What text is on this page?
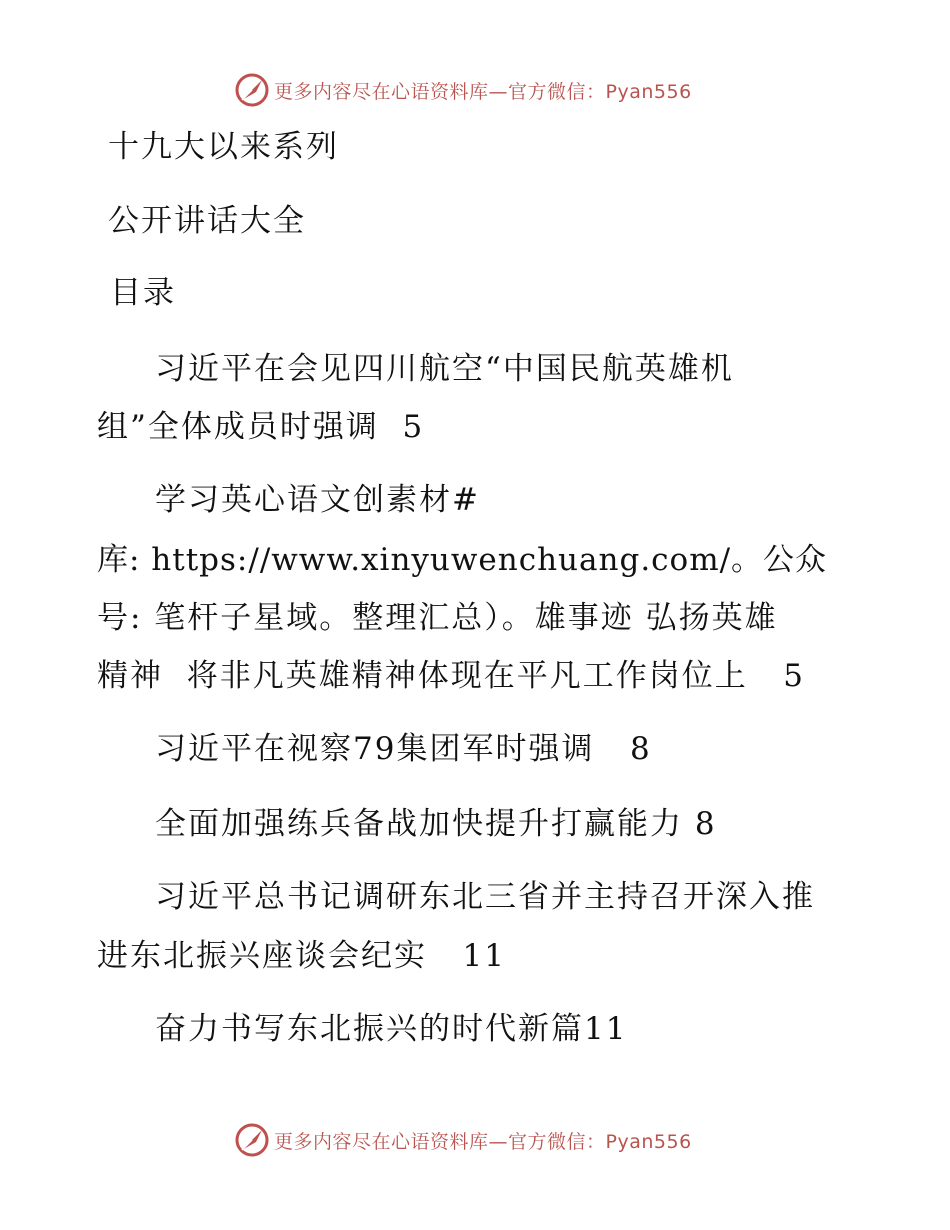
更多内容尽在心语资料库—官方微信：Pyan556
十九大以来系列
公开讲话大全
目录
习近平在会见四川航空“中国民航英雄机
组”全体成员时强调  5
学习英心语文创素材#
库: https://www.xinyuwenchuang.com/。公众
号: 笔杆子星域。整理汇总）。雄事迹 弘扬英雄
精神  将非凡英雄精神体现在平凡工作岗位上   5
习近平在视察79集团军时强调   8
全面加强练兵备战加快提升打赢能力 8
习近平总书记调研东北三省并主持召开深入推
进东北振兴座谈会纪实   11
奋力书写东北振兴的时代新篇11
更多内容尽在心语资料库—官方微信：Pyan556
